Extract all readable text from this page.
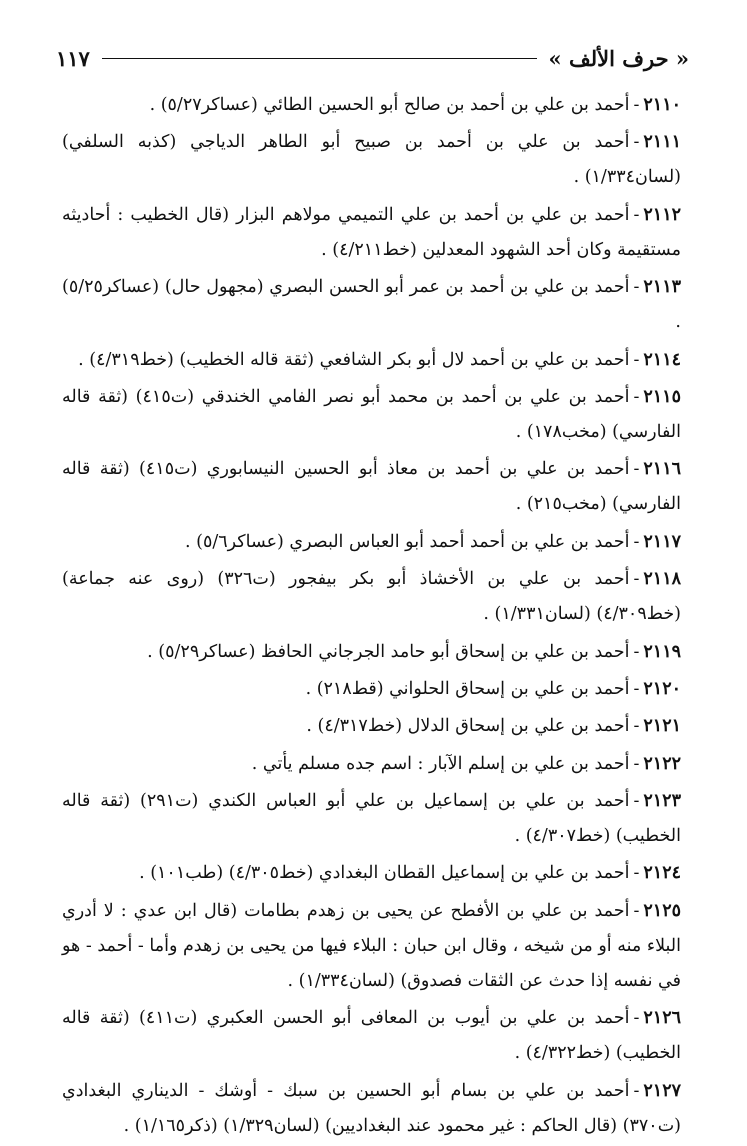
« حرف الألف »
١١٧

٢١١٠-أحمد بن علي بن أحمد بن صالح أبو الحسين الطائي (عساكر٥/٢٧) .

٢١١١-أحمد بن علي بن أحمد بن صبيح أبو الطاهر الدياجي (كذبه السلفي) (لسان١/٣٣٤) .

٢١١٢-أحمد بن علي بن أحمد بن علي التميمي مولاهم البزار (قال الخطيب : أحاديثه مستقيمة وكان أحد الشهود المعدلين (خط٤/٢١١) .

٢١١٣-أحمد بن علي بن أحمد بن عمر أبو الحسن البصري (مجهول حال) (عساكر٥/٢٥) .

٢١١٤-أحمد بن علي بن أحمد لال أبو بكر الشافعي (ثقة قاله الخطيب) (خط٤/٣١٩) .

٢١١٥-أحمد بن علي بن أحمد بن محمد أبو نصر الفامي الخندقي (ت٤١٥) (ثقة قاله الفارسي) (مخب١٧٨) .

٢١١٦-أحمد بن علي بن أحمد بن معاذ أبو الحسين النيسابوري (ت٤١٥) (ثقة قاله الفارسي) (مخب٢١٥) .

٢١١٧-أحمد بن علي بن أحمد أحمد أبو العباس البصري (عساكر٥/٦) .

٢١١٨-أحمد بن علي بن الأخشاذ أبو بكر بيفجور (ت٣٢٦) (روى عنه جماعة) (خط٤/٣٠٩) (لسان١/٣٣١) .

٢١١٩-أحمد بن علي بن إسحاق أبو حامد الجرجاني الحافظ (عساكر٥/٢٩) .

٢١٢٠-أحمد بن علي بن إسحاق الحلواني (قط٢١٨) .

٢١٢١-أحمد بن علي بن إسحاق الدلال (خط٤/٣١٧) .

٢١٢٢-أحمد بن علي بن إسلم الآبار : اسم جده مسلم يأتي .

٢١٢٣-أحمد بن علي بن إسماعيل بن علي أبو العباس الكندي (ت٢٩١) (ثقة قاله الخطيب) (خط٤/٣٠٧) .

٢١٢٤-أحمد بن علي بن إسماعيل القطان البغدادي (خط٤/٣٠٥) (طب١٠١) .

٢١٢٥-أحمد بن علي بن الأفطح عن يحيى بن زهدم بطامات (قال ابن عدي : لا أدري البلاء منه أو من شيخه ، وقال ابن حبان : البلاء فيها من يحيى بن زهدم وأما - أحمد - هو في نفسه إذا حدث عن الثقات فصدوق) (لسان١/٣٣٤) .

٢١٢٦-أحمد بن علي بن أيوب بن المعافى أبو الحسن العكبري (ت٤١١) (ثقة قاله الخطيب) (خط٤/٣٢٢) .

٢١٢٧-أحمد بن علي بن بسام أبو الحسين بن سبك - أوشك - الديناري البغدادي (ت٣٧٠) (قال الحاكم : غير محمود عند البغداديين) (لسان١/٣٢٩) (ذكر١/١٦٥) .
